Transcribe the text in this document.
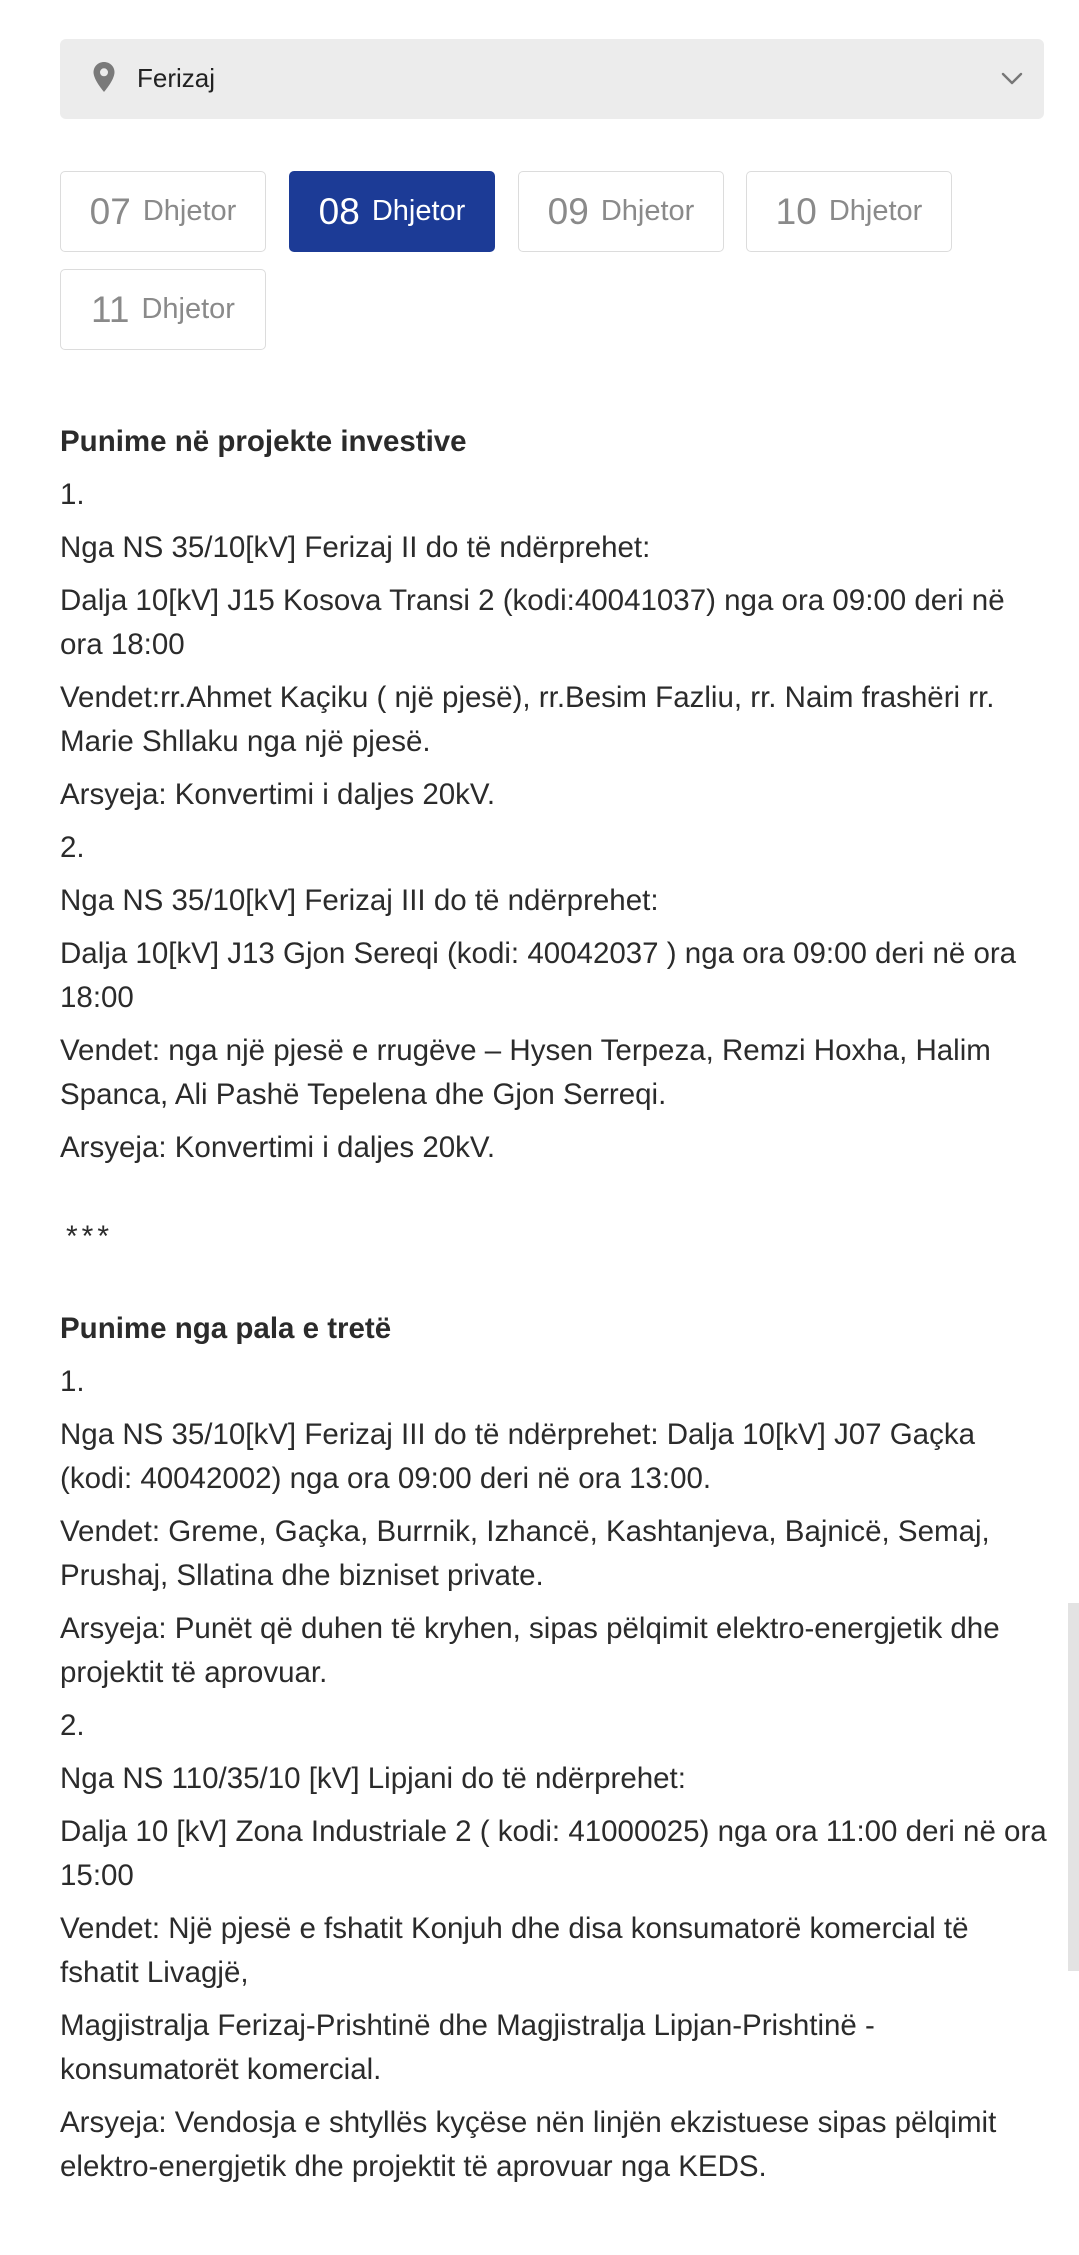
Ferizaj
07 Dhjetor 08 Dhjetor 09 Dhjetor 10 Dhjetor
11 Dhjetor
Punime në projekte investive

1.

Nga NS 35/10[kV] Ferizaj II do të ndërprehet:

Dalja 10[kV] J15 Kosova Transi 2 (kodi:40041037) nga ora 09:00 deri në ora 18:00

Vendet:rr.Ahmet Kaçiku ( një pjesë), rr.Besim Fazliu, rr. Naim frashëri rr. Marie Shllaku nga një pjesë.

Arsyeja: Konvertimi i daljes 20kV.

2.

Nga NS 35/10[kV] Ferizaj III do të ndërprehet:

Dalja 10[kV] J13 Gjon Sereqi (kodi: 40042037 ) nga ora 09:00 deri në ora 18:00

Vendet: nga një pjesë e rrugëve – Hysen Terpeza, Remzi Hoxha, Halim Spanca, Ali Pashë Tepelena dhe Gjon Serreqi.

Arsyeja: Konvertimi i daljes 20kV.

***

Punime nga pala e tretë

1.

Nga NS 35/10[kV] Ferizaj III do të ndërprehet: Dalja 10[kV] J07 Gaçka (kodi: 40042002) nga ora 09:00 deri në ora 13:00.

Vendet: Greme, Gaçka, Burrnik, Izhancë, Kashtanjeva, Bajnicë, Semaj, Prushaj, Sllatina dhe bizniset private.

Arsyeja: Punët që duhen të kryhen, sipas pëlqimit elektro-energjetik dhe projektit të aprovuar.

2.

Nga NS 110/35/10 [kV] Lipjani do të ndërprehet:

Dalja 10 [kV] Zona Industriale 2 ( kodi: 41000025) nga ora 11:00 deri në ora 15:00

Vendet: Një pjesë e fshatit Konjuh dhe disa konsumatorë komercial të fshatit Livagjë,

Magjistralja Ferizaj-Prishtinë dhe Magjistralja Lipjan-Prishtinë - konsumatorët komercial.

Arsyeja: Vendosja e shtyllës kyçëse nën linjën ekzistuese sipas pëlqimit elektro-energjetik dhe projektit të aprovuar nga KEDS.
